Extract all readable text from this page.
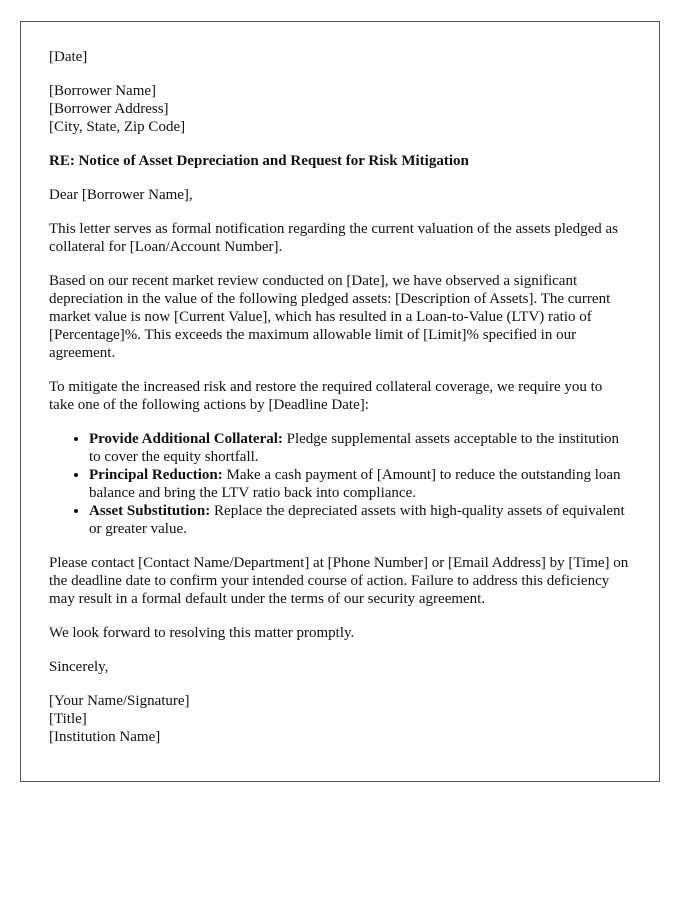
[Date]

[Borrower Name]
[Borrower Address]
[City, State, Zip Code]

RE: Notice of Asset Depreciation and Request for Risk Mitigation

Dear [Borrower Name],

This letter serves as formal notification regarding the current valuation of the assets pledged as collateral for [Loan/Account Number].

Based on our recent market review conducted on [Date], we have observed a significant depreciation in the value of the following pledged assets: [Description of Assets]. The current market value is now [Current Value], which has resulted in a Loan-to-Value (LTV) ratio of [Percentage]%. This exceeds the maximum allowable limit of [Limit]% specified in our agreement.

To mitigate the increased risk and restore the required collateral coverage, we require you to take one of the following actions by [Deadline Date]:

• Provide Additional Collateral: Pledge supplemental assets acceptable to the institution to cover the equity shortfall.
• Principal Reduction: Make a cash payment of [Amount] to reduce the outstanding loan balance and bring the LTV ratio back into compliance.
• Asset Substitution: Replace the depreciated assets with high-quality assets of equivalent or greater value.

Please contact [Contact Name/Department] at [Phone Number] or [Email Address] by [Time] on the deadline date to confirm your intended course of action. Failure to address this deficiency may result in a formal default under the terms of our security agreement.

We look forward to resolving this matter promptly.

Sincerely,

[Your Name/Signature]
[Title]
[Institution Name]
